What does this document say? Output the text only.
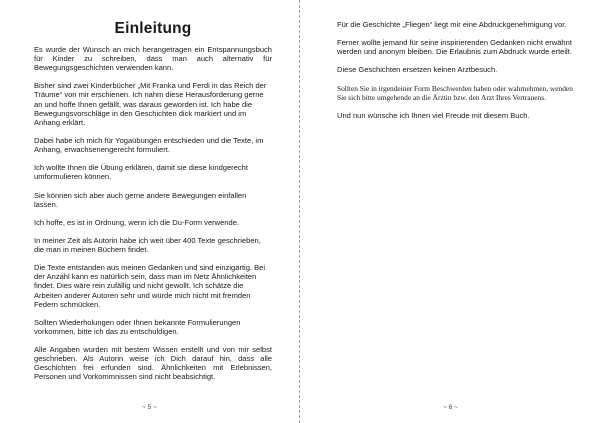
Einleitung
Es wurde der Wunsch an mich herangetragen ein Entspannungsbuch für Kinder zu schreiben, dass man auch alternativ für Bewegungsgeschichten verwenden kann.
Bisher sind zwei Kinderbücher „Mit Franka und Ferdi in das Reich der Träume“ von mir erschienen. Ich nahm diese Herausforderung gerne an und hoffe Ihnen gefällt, was daraus geworden ist. Ich habe die Bewegungsvorschläge in den Geschichten dick markiert und im Anhang erklärt.
Dabei habe ich mich für Yogaübungen entschieden und die Texte, im Anhang, erwachsenengerecht formuliert.
Ich wollte Ihnen die Übung erklären, damit sie diese kindgerecht umformulieren können.
Sie können sich aber auch gerne andere Bewegungen einfallen lassen.
Ich hoffe, es ist in Ordnung, wenn ich die Du-Form verwende.
In meiner Zeit als Autorin habe ich weit über 400 Texte geschrieben, die man in meinen Büchern findet.
Die Texte entstanden aus meinen Gedanken und sind einzigartig. Bei der Anzahl kann es natürlich sein, dass man im Netz Ähnlichkeiten findet. Dies wäre rein zufällig und nicht gewollt. Ich schätze die Arbeiten anderer Autoren sehr und würde mich nicht mit fremden Federn schmücken.
Sollten Wiederholungen oder Ihnen bekannte Formulierungen vorkommen, bitte ich das zu entschuldigen.
Alle Angaben wurden mit bestem Wissen erstellt und von mir selbst geschrieben. Als Autorin weise ich Dich darauf hin, dass alle Geschichten frei erfunden sind. Ähnlichkeiten mit Erlebnissen, Personen und Vorkommnissen sind nicht beabsichtigt.
~ 5 ~
Für die Geschichte „Fliegen“ liegt mir eine Abdruckgenehmigung vor.
Ferner wollte jemand für seine inspirierenden Gedanken nicht erwähnt werden und anonym bleiben. Die Erlaubnis zum Abdruck wurde erteilt.
Diese Geschichten ersetzen keinen Arztbesuch.
Sollten Sie in irgendeiner Form Beschwerden haben oder wahrnehmen, wenden Sie sich bitte umgehende an die Ärztin bzw. den Arzt Ihres Vertrauens.
Und nun wünsche ich Ihnen viel Freude mit diesem Buch.
~ 6 ~
